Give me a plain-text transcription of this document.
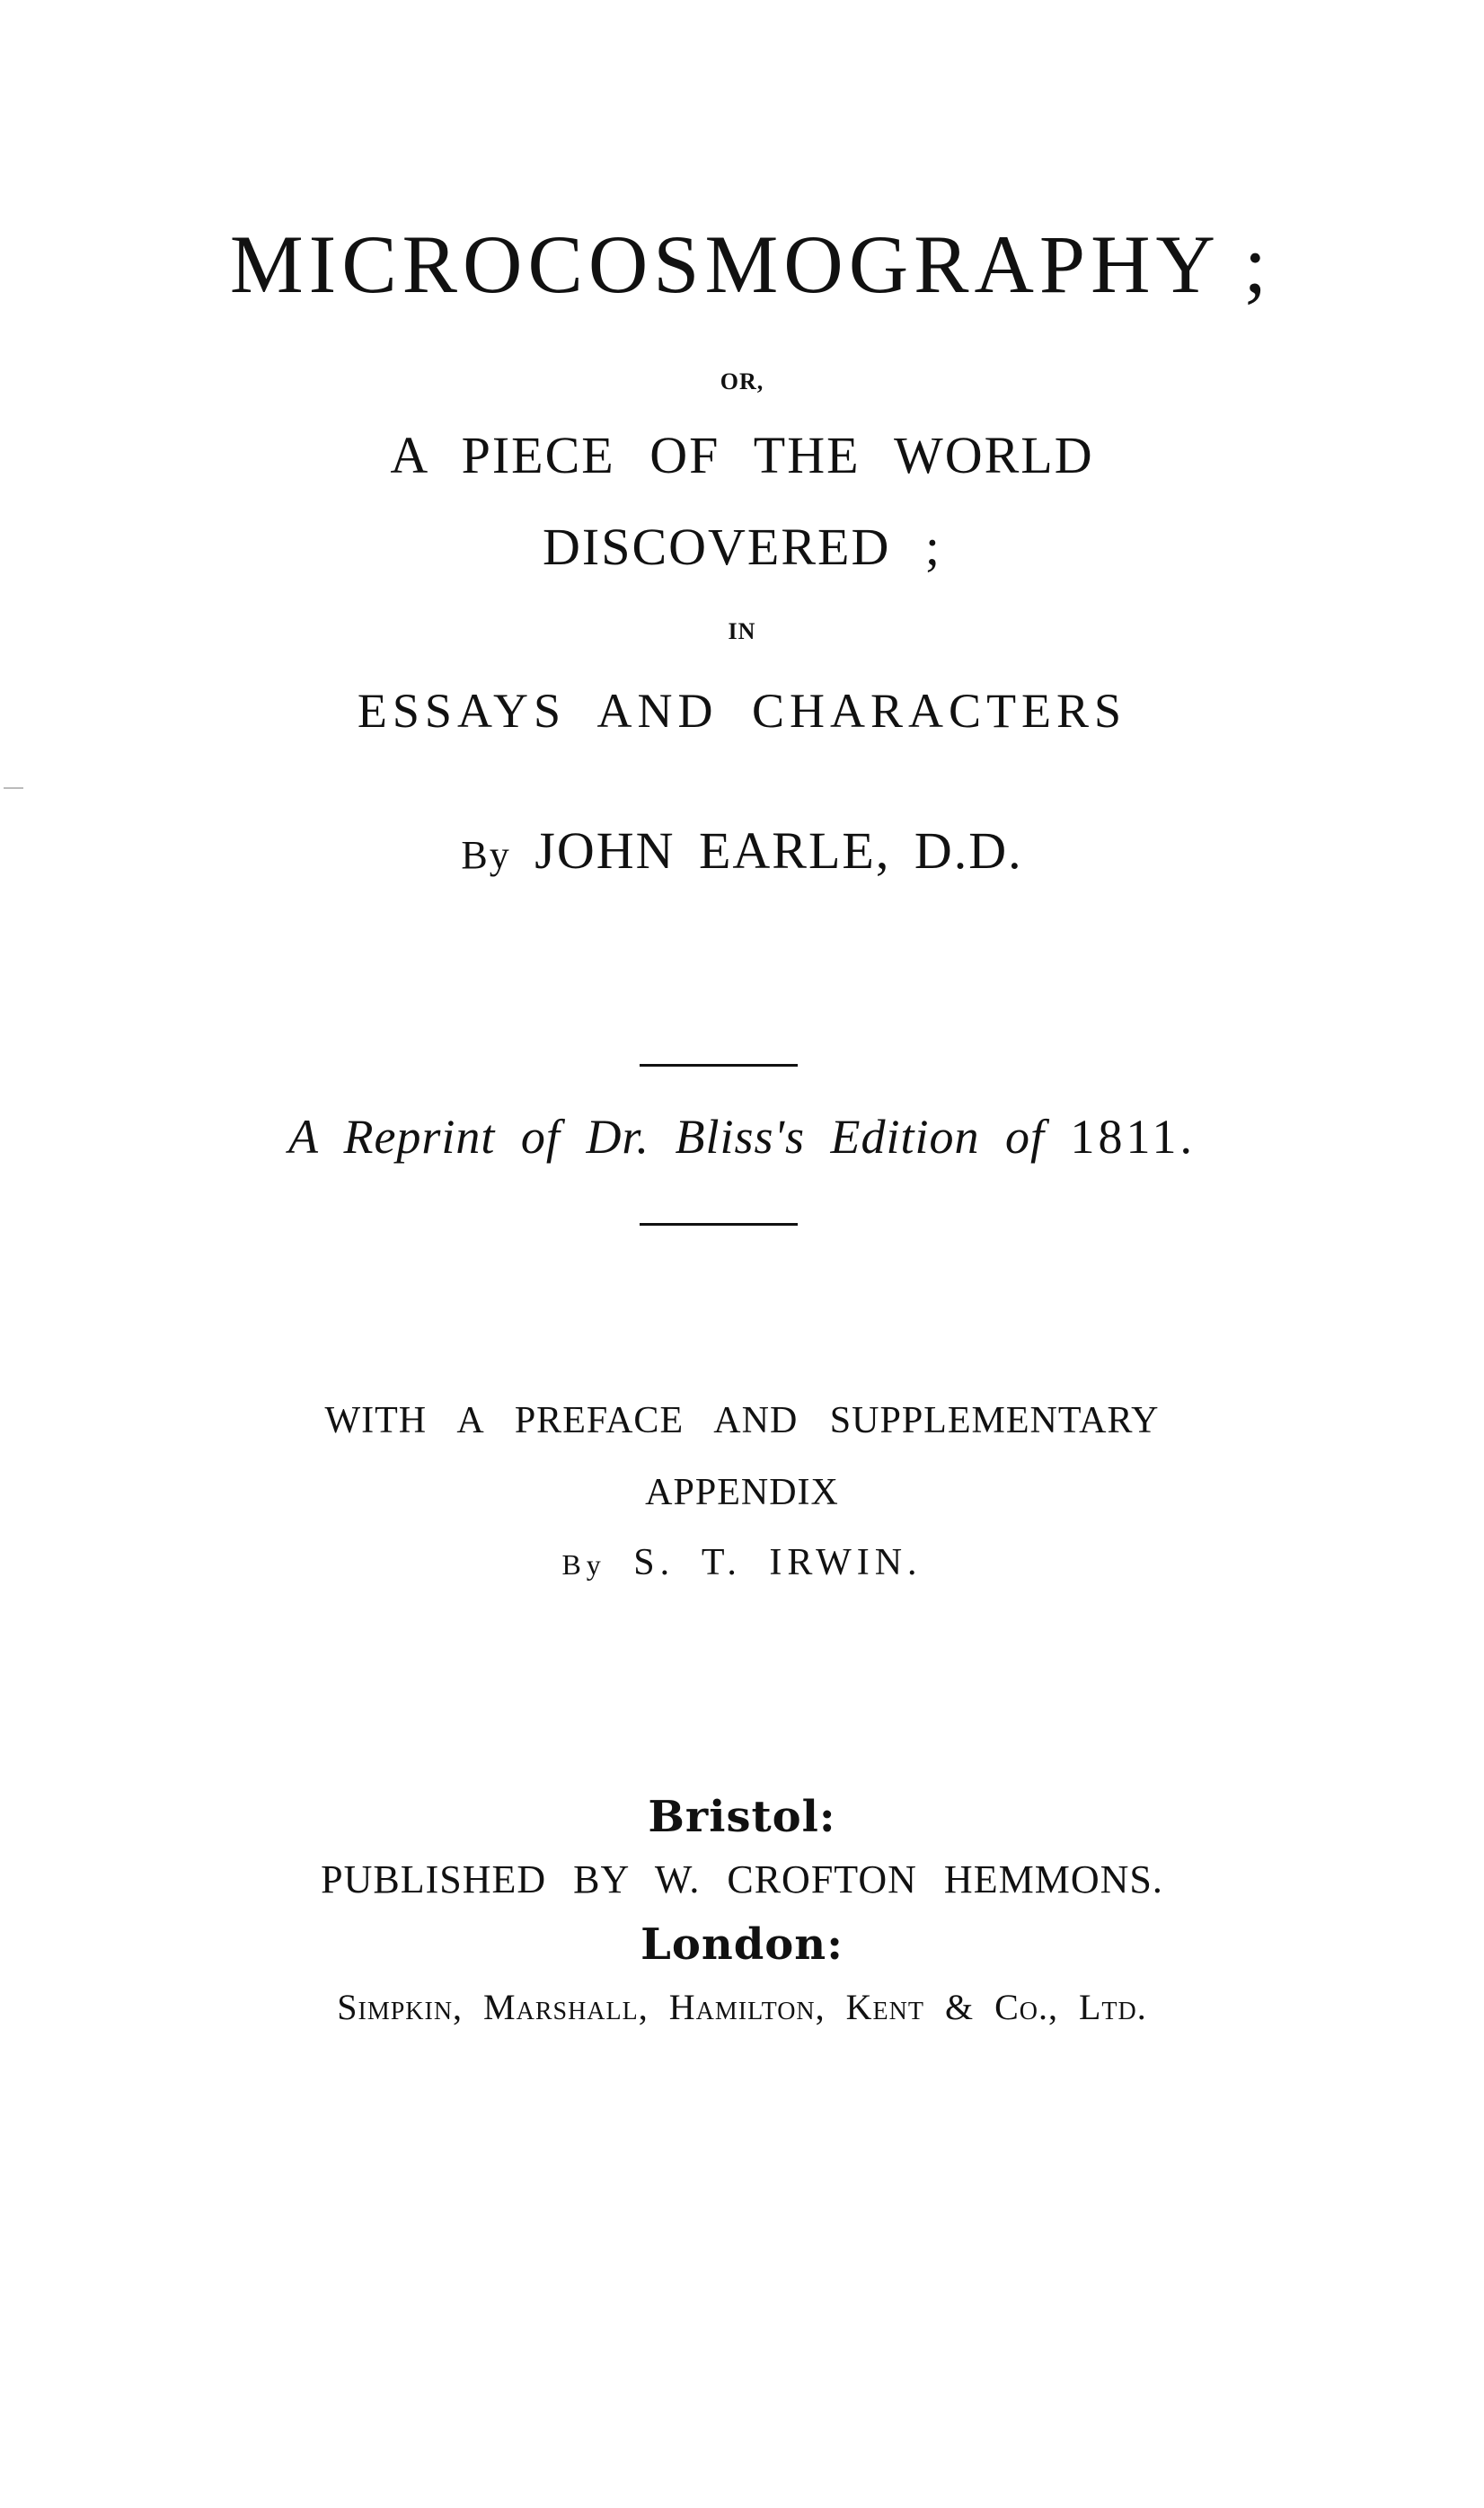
MICROCOSMOGRAPHY ;
OR,
A PIECE OF THE WORLD
DISCOVERED ;
IN
ESSAYS AND CHARACTERS
By JOHN EARLE, D.D.
A Reprint of Dr. Bliss's Edition of 1811.
WITH A PREFACE AND SUPPLEMENTARY
APPENDIX
By S. T. IRWIN.
Bristol:
PUBLISHED BY W. CROFTON HEMMONS.
London:
Simpkin, Marshall, Hamilton, Kent & Co., Ltd.
